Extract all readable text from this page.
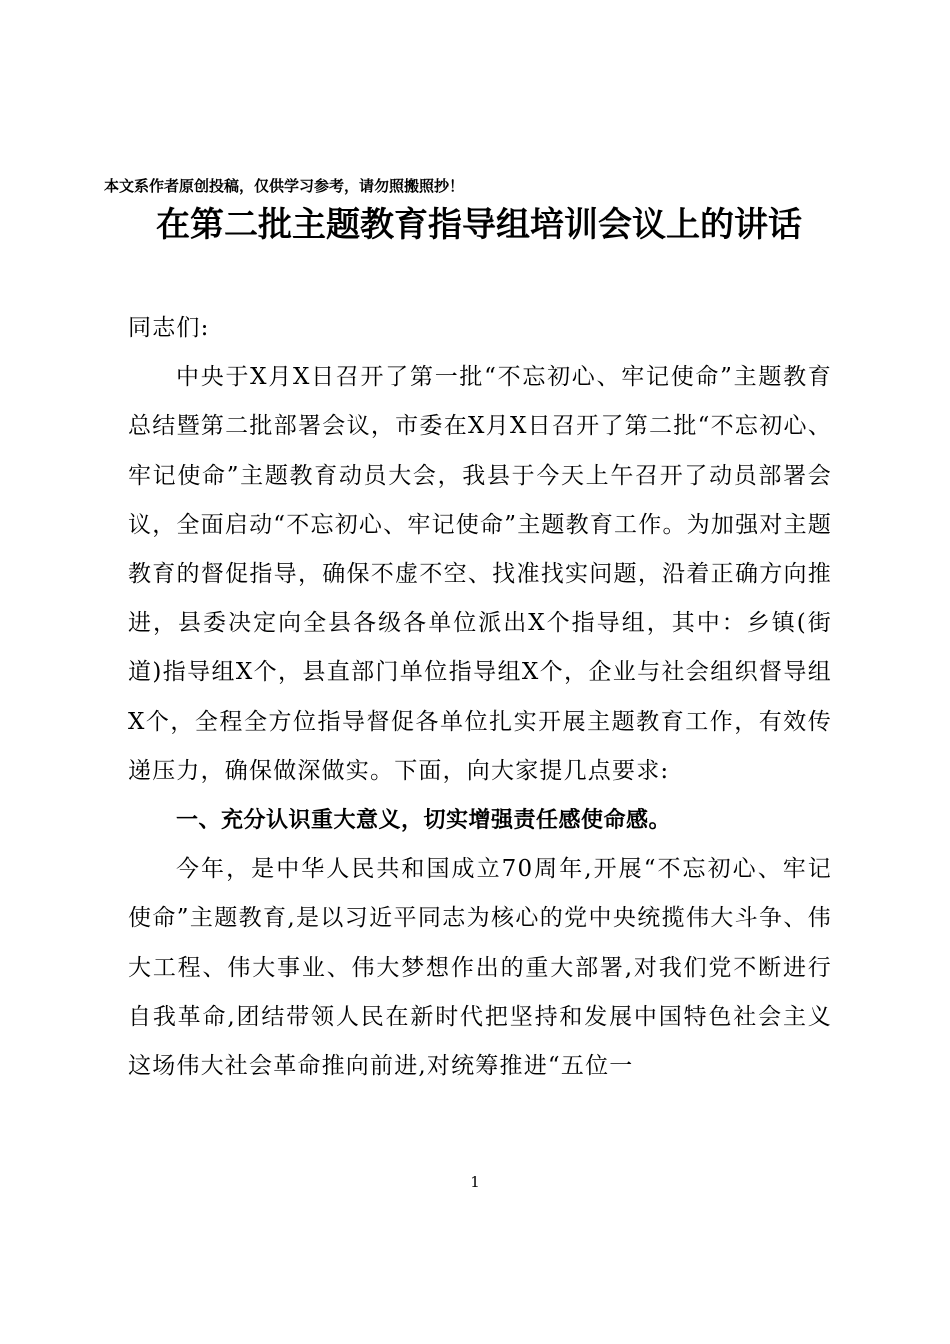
本文系作者原创投稿，仅供学习参考，请勿照搬照抄！
在第二批主题教育指导组培训会议上的讲话

同志们:

中央于X月X日召开了第一批“不忘初心、牢记使命”主题教育总结暨第二批部署会议，市委在X月X日召开了第二批“不忘初心、牢记使命”主题教育动员大会，我县于今天上午召开了动员部署会议，全面启动“不忘初心、牢记使命”主题教育工作。为加强对主题教育的督促指导，确保不虚不空、找准找实问题，沿着正确方向推进，县委决定向全县各级各单位派出X个指导组，其中：乡镇(街道)指导组X个，县直部门单位指导组X个，企业与社会组织督导组X个，全程全方位指导督促各单位扎实开展主题教育工作，有效传递压力，确保做深做实。下面，向大家提几点要求:

一、充分认识重大意义，切实增强责任感使命感。

今年，是中华人民共和国成立70周年,开展“不忘初心、牢记使命”主题教育,是以习近平同志为核心的党中央统揽伟大斗争、伟大工程、伟大事业、伟大梦想作出的重大部署,对我们党不断进行自我革命,团结带领人民在新时代把坚持和发展中国特色社会主义这场伟大社会革命推向前进,对统筹推进“五位一

1
